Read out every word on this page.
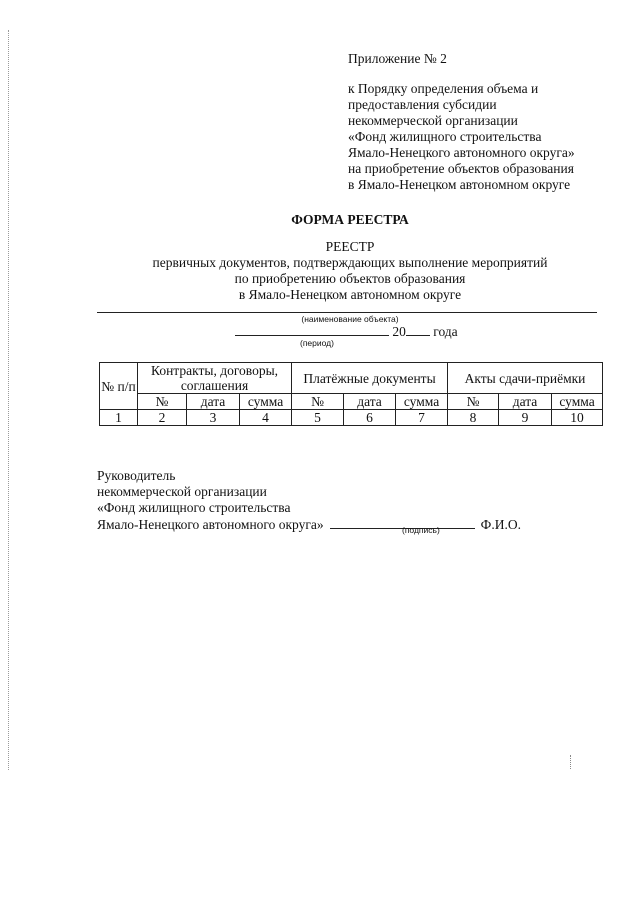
Приложение № 2
к Порядку определения объема и
предоставления субсидии
некоммерческой организации
«Фонд жилищного строительства
Ямало-Ненецкого автономного округа»
на приобретение объектов образования
в Ямало-Ненецком автономном округе
ФОРМА РЕЕСТРА
РЕЕСТР
первичных документов, подтверждающих выполнение мероприятий
по приобретению объектов образования
в Ямало-Ненецком автономном округе
(наименование объекта)
20 года
(период)
№ п/п	Контракты, договоры, соглашения			Платёжные документы			Акты сдачи-приёмки		
	№	дата	сумма	№	дата	сумма	№	дата	сумма
1	2	3	4	5	6	7	8	9	10
Руководитель
некоммерческой организации
«Фонд жилищного строительства
Ямало-Ненецкого автономного округа»	Ф.И.О.
(подпись)
